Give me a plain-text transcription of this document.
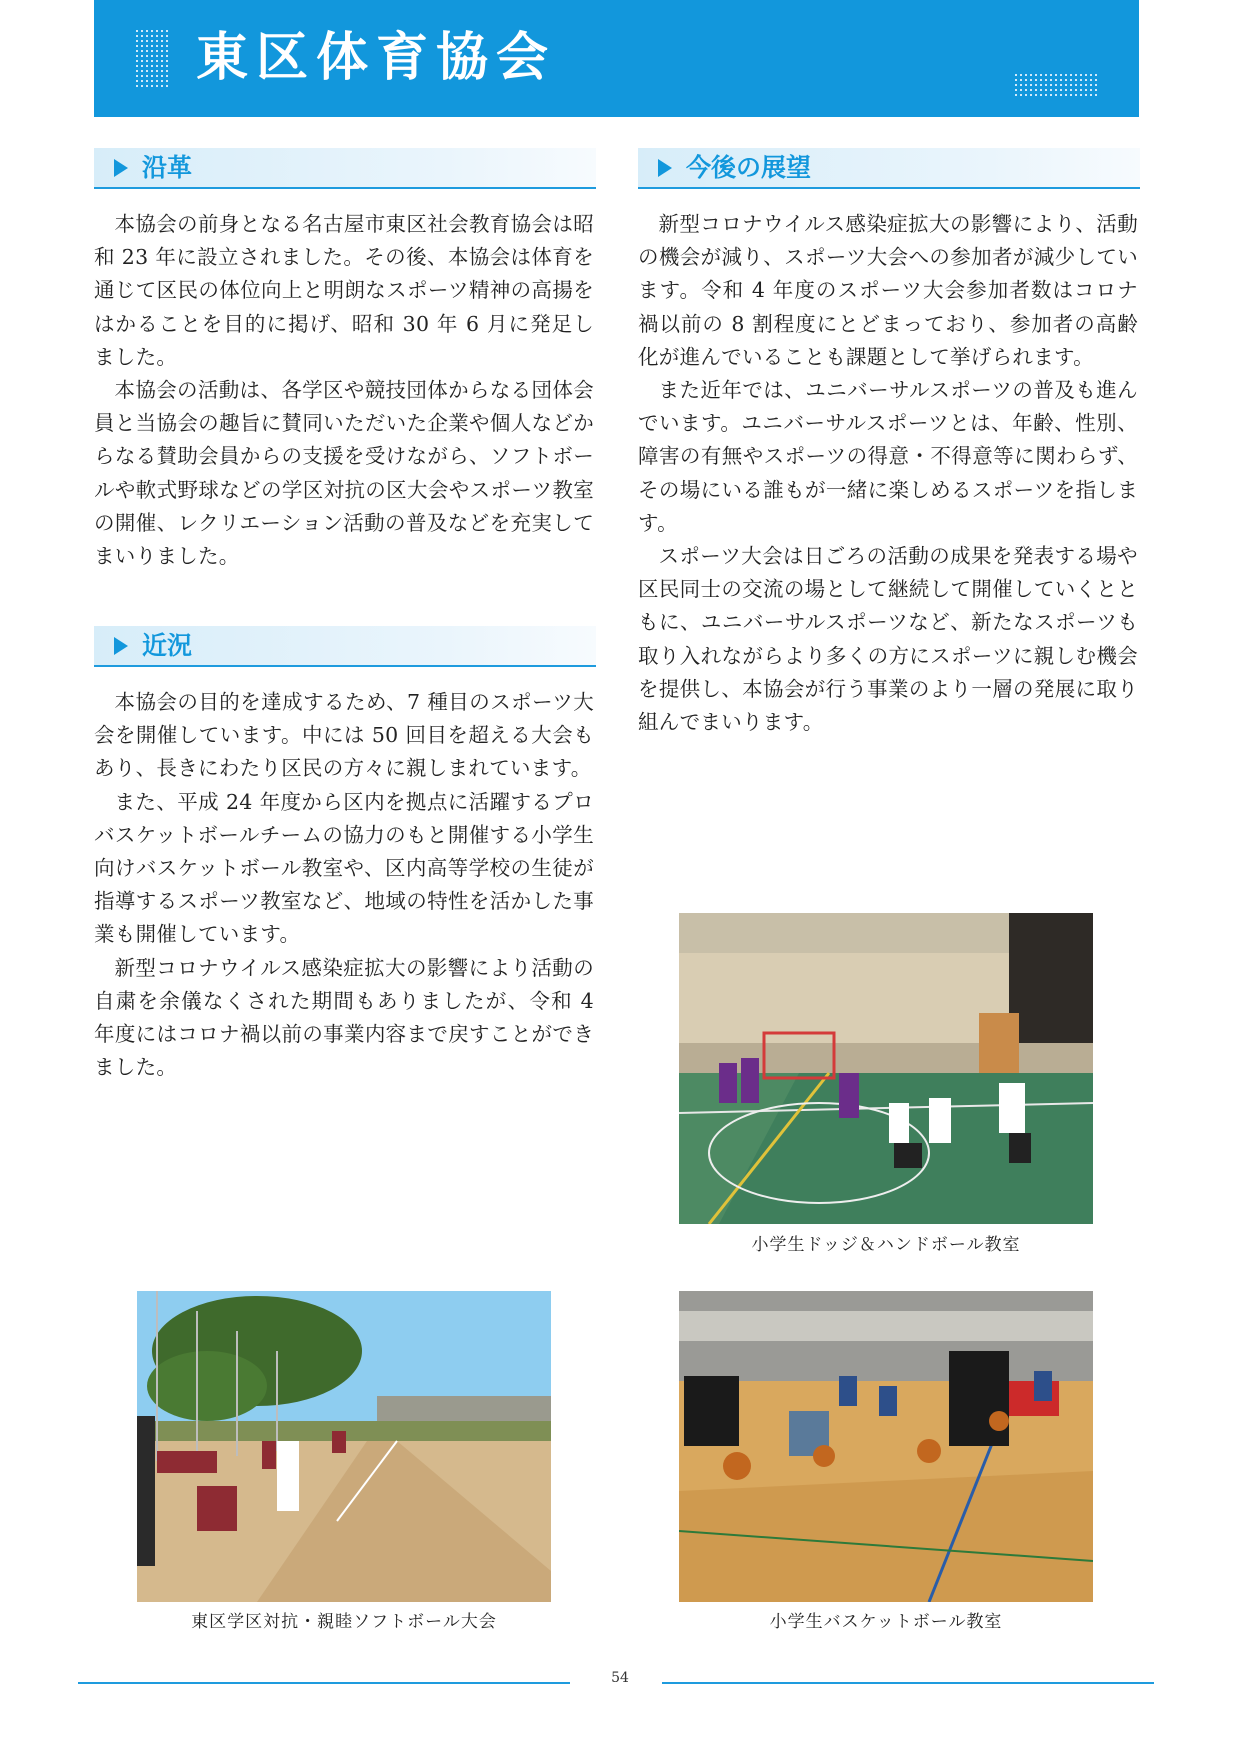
東区体育協会
沿革

本協会の前身となる名古屋市東区社会教育協会は昭和 23 年に設立されました。その後、本協会は体育を通じて区民の体位向上と明朗なスポーツ精神の高揚をはかることを目的に掲げ、昭和 30 年 6 月に発足しました。

本協会の活動は、各学区や競技団体からなる団体会員と当協会の趣旨に賛同いただいた企業や個人などからなる賛助会員からの支援を受けながら、ソフトボールや軟式野球などの学区対抗の区大会やスポーツ教室の開催、レクリエーション活動の普及などを充実してまいりました。

近況

本協会の目的を達成するため、7 種目のスポーツ大会を開催しています。中には 50 回目を超える大会もあり、長きにわたり区民の方々に親しまれています。

また、平成 24 年度から区内を拠点に活躍するプロバスケットボールチームの協力のもと開催する小学生向けバスケットボール教室や、区内高等学校の生徒が指導するスポーツ教室など、地域の特性を活かした事業も開催しています。

新型コロナウイルス感染症拡大の影響により活動の自粛を余儀なくされた期間もありましたが、令和 4 年度にはコロナ禍以前の事業内容まで戻すことができました。

今後の展望

新型コロナウイルス感染症拡大の影響により、活動の機会が減り、スポーツ大会への参加者が減少しています。令和 4 年度のスポーツ大会参加者数はコロナ禍以前の 8 割程度にとどまっており、参加者の高齢化が進んでいることも課題として挙げられます。

また近年では、ユニバーサルスポーツの普及も進んでいます。ユニバーサルスポーツとは、年齢、性別、障害の有無やスポーツの得意・不得意等に関わらず、その場にいる誰もが一緒に楽しめるスポーツを指します。

スポーツ大会は日ごろの活動の成果を発表する場や区民同士の交流の場として継続して開催していくとともに、ユニバーサルスポーツなど、新たなスポーツも取り入れながらより多くの方にスポーツに親しむ機会を提供し、本協会が行う事業のより一層の発展に取り組んでまいります。

小学生ドッジ＆ハンドボール教室
東区学区対抗・親睦ソフトボール大会	小学生バスケットボール教室
54
